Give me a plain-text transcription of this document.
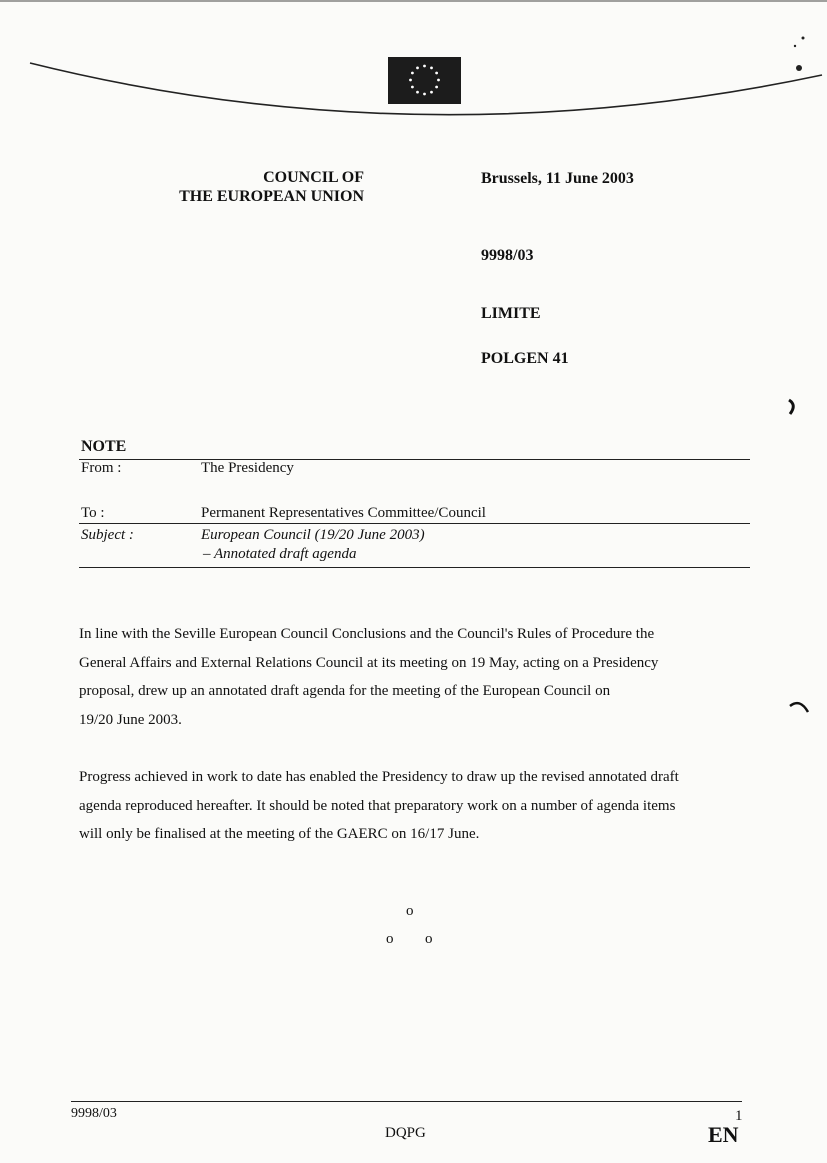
COUNCIL OF
THE EUROPEAN UNION
Brussels, 11 June 2003
9998/03
LIMITE
POLGEN 41
NOTE
From :	The Presidency
To :	Permanent Representatives Committee/Council
Subject :	European Council (19/20 June 2003)
– Annotated draft agenda
In line with the Seville European Council Conclusions and the Council's Rules of Procedure the
General Affairs and External Relations Council at its meeting on 19 May, acting on a Presidency
proposal, drew up an annotated draft agenda for the meeting of the European Council on
19/20 June 2003.
Progress achieved in work to date has enabled the Presidency to draw up the revised annotated draft
agenda reproduced hereafter. It should be noted that preparatory work on a number of agenda items
will only be finalised at the meeting of the GAERC on 16/17 June.
o
o o
9998/03
DQPG
1
EN
